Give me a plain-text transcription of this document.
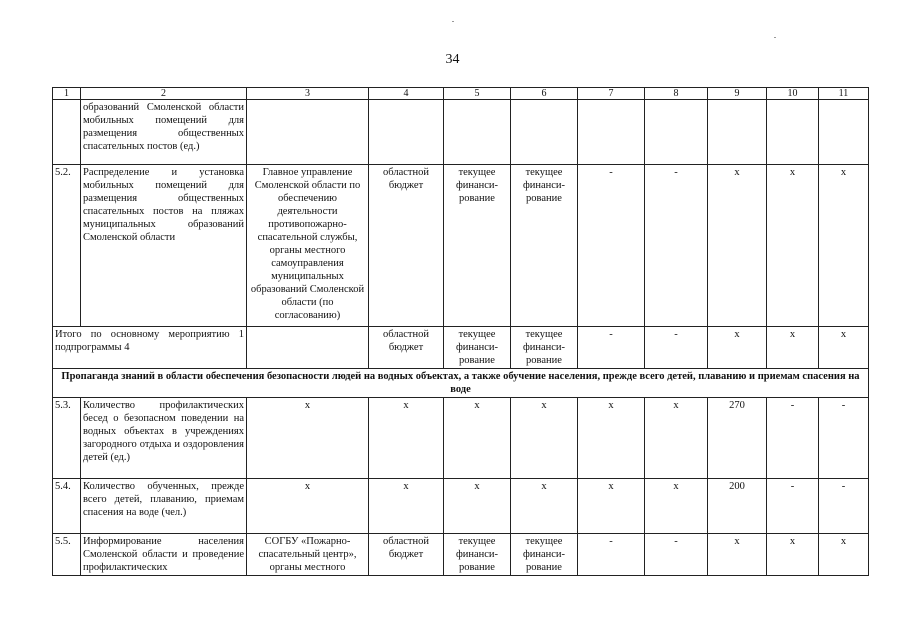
34
1	2	3	4	5	6	7	8	9	10	11
	образований Смоленской области мобильных помещений для размещения общественных спасательных постов (ед.)									
5.2.	Распределение и установка мобильных помещений для размещения общественных спасательных постов на пляжах муниципальных образований Смоленской области	Главное управление Смоленской области по обеспечению деятельности противопожарно-спасательной службы, органы местного самоуправления муниципальных образований Смоленской области (по согласованию)	областной бюджет	текущее финанси-рование	текущее финанси-рование	-	-	x	x	x
Итого по основному мероприятию 1 подпрограммы 4			областной бюджет	текущее финанси-рование	текущее финанси-рование	-	-	x	x	x
Пропаганда знаний в области обеспечения безопасности людей на водных объектах, а также обучение населения, прежде всего детей, плаванию и приемам спасения на воде										
5.3.	Количество профилактических бесед о безопасном поведении на водных объектах в учреждениях загородного отдыха и оздоровления детей (ед.)	x	x	x	x	x	x	270	-	-
5.4.	Количество обученных, прежде всего детей, плаванию, приемам спасения на воде (чел.)	x	x	x	x	x	x	200	-	-
5.5.	Информирование населения Смоленской области и проведение профилактических	СОГБУ «Пожарно-спасательный центр», органы местного	областной бюджет	текущее финанси-рование	текущее финанси-рование	-	-	x	x	x
